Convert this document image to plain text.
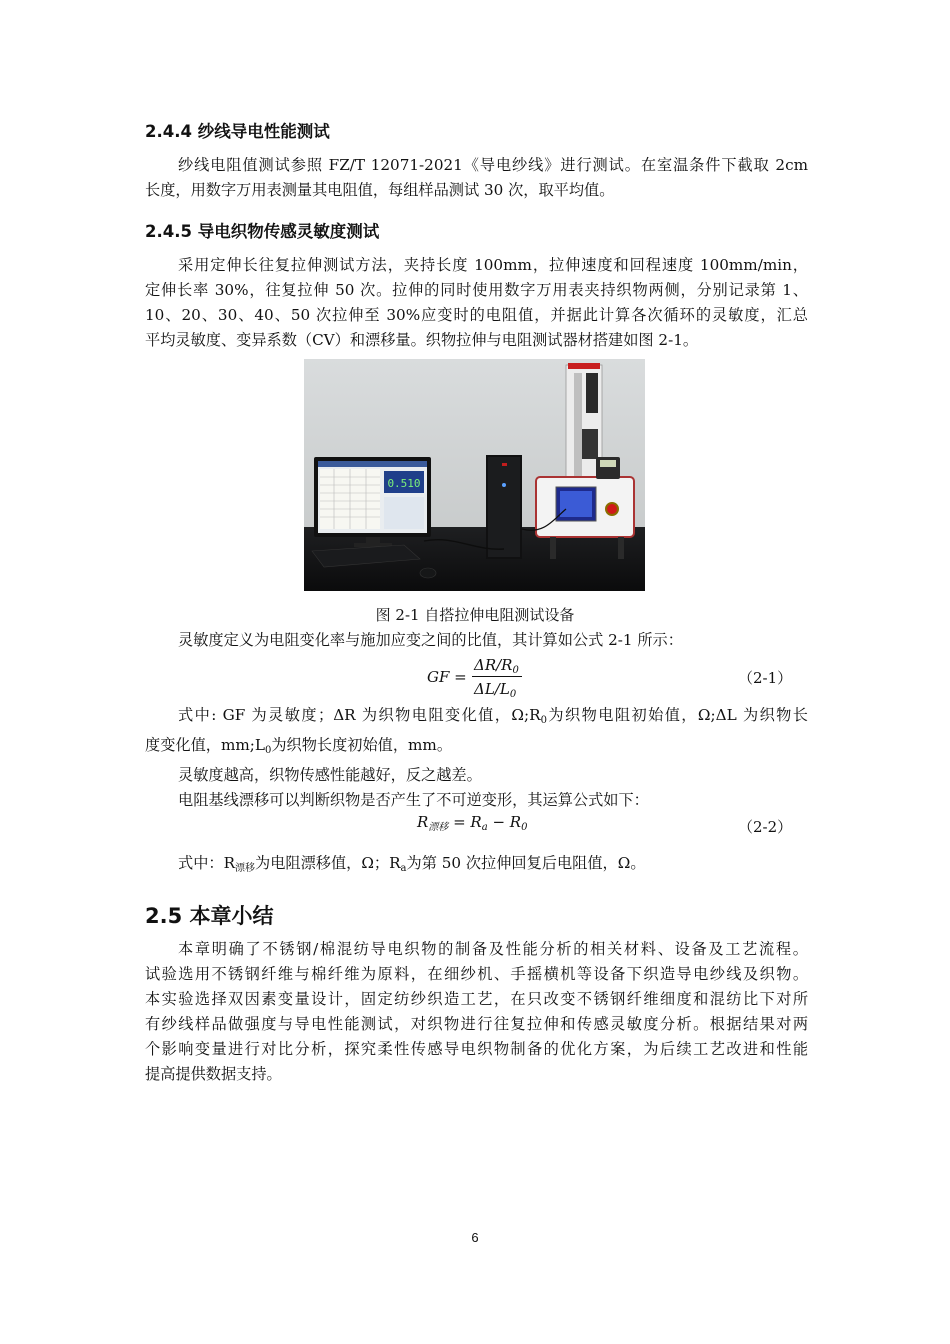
2.4.4 纱线导电性能测试
纱线电阻值测试参照 FZ/T 12071-2021《导电纱线》进行测试。在室温条件下截取 2cm
长度，用数字万用表测量其电阻值，每组样品测试 30 次，取平均值。
2.4.5 导电织物传感灵敏度测试
采用定伸长往复拉伸测试方法，夹持长度 100mm，拉伸速度和回程速度 100mm/min，
定伸长率 30%，往复拉伸 50 次。拉伸的同时使用数字万用表夹持织物两侧，分别记录第 1、
10、20、30、40、50 次拉伸至 30%应变时的电阻值，并据此计算各次循环的灵敏度，汇总
平均灵敏度、变异系数（CV）和漂移量。织物拉伸与电阻测试器材搭建如图 2-1。
0.510
图 2-1 自搭拉伸电阻测试设备
灵敏度定义为电阻变化率与施加应变之间的比值，其计算如公式 2-1 所示：
GF =
$\Delta R/R_0$
$\Delta L/L_0$
（2-1）
式中: GF 为灵敏度；ΔR 为织物电阻变化值，$\Omega;R_0$为织物电阻初始值，Ω;ΔL 为织物长
度变化值，$mm;L_0$为织物长度初始值，mm。
灵敏度越高，织物传感性能越好，反之越差。
电阻基线漂移可以判断织物是否产生了不可逆变形，其运算公式如下：
$R_{漂移} = R_a - R_0$	（2-2）
式中：$R_{漂移}$为电阻漂移值，Ω；$R_a$为第 50 次拉伸回复后电阻值，Ω。
2.5 本章小结
本章明确了不锈钢/棉混纺导电织物的制备及性能分析的相关材料、设备及工艺流程。
试验选用不锈钢纤维与棉纤维为原料，在细纱机、手摇横机等设备下织造导电纱线及织物。
本实验选择双因素变量设计，固定纺纱织造工艺，在只改变不锈钢纤维细度和混纺比下对所
有纱线样品做强度与导电性能测试，对织物进行往复拉伸和传感灵敏度分析。根据结果对两
个影响变量进行对比分析，探究柔性传感导电织物制备的优化方案，为后续工艺改进和性能
提高提供数据支持。
6
